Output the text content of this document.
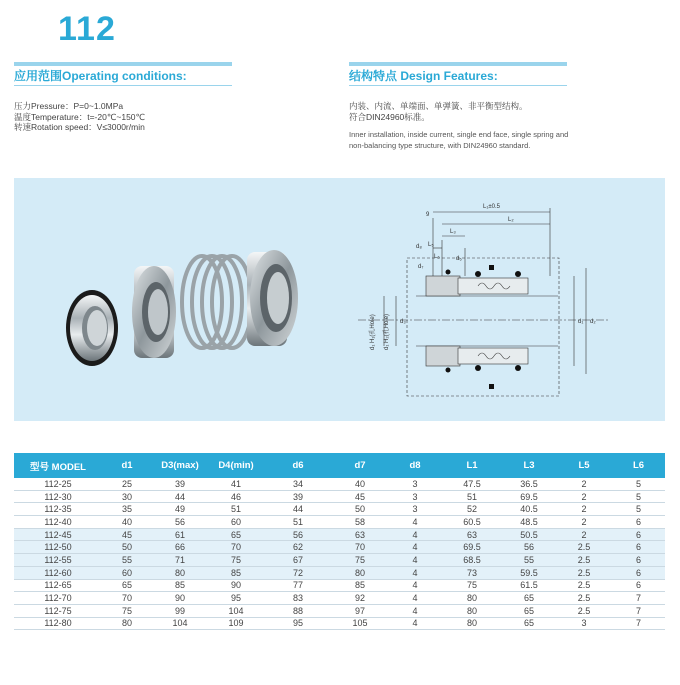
112
应用范围Operating conditions:	结构特点 Design Features:
压力Pressure：P=0~1.0MPa
温度Temperature：t=-20℃~150℃
转速Rotation speed：V≤3000r/min
内装、内流、单端面、单弹簧、非平衡型结构。
符合DIN24960标准。
Inner installation, inside current, single end face, single spring and
non-balancing type structure, with DIN24960 standard.
L₁±0.5
L₂
L₃
L₅
L₆
9
d₈
d₇
d₆
d₁ d₂
d₃
d₁ H₁(孔Hole)	d₁ H₂(孔Hole)
型号 MODEL	d1	D3(max)	D4(min)	d6	d7	d8	L1	L3	L5	L6
112-25	25	39	41	34	40	3	47.5	36.5	2	5
112-30	30	44	46	39	45	3	51	69.5	2	5
112-35	35	49	51	44	50	3	52	40.5	2	5
112-40	40	56	60	51	58	4	60.5	48.5	2	6
112-45	45	61	65	56	63	4	63	50.5	2	6
112-50	50	66	70	62	70	4	69.5	56	2.5	6
112-55	55	71	75	67	75	4	68.5	55	2.5	6
112-60	60	80	85	72	80	4	73	59.5	2.5	6
112-65	65	85	90	77	85	4	75	61.5	2.5	6
112-70	70	90	95	83	92	4	80	65	2.5	7
112-75	75	99	104	88	97	4	80	65	2.5	7
112-80	80	104	109	95	105	4	80	65	3	7
